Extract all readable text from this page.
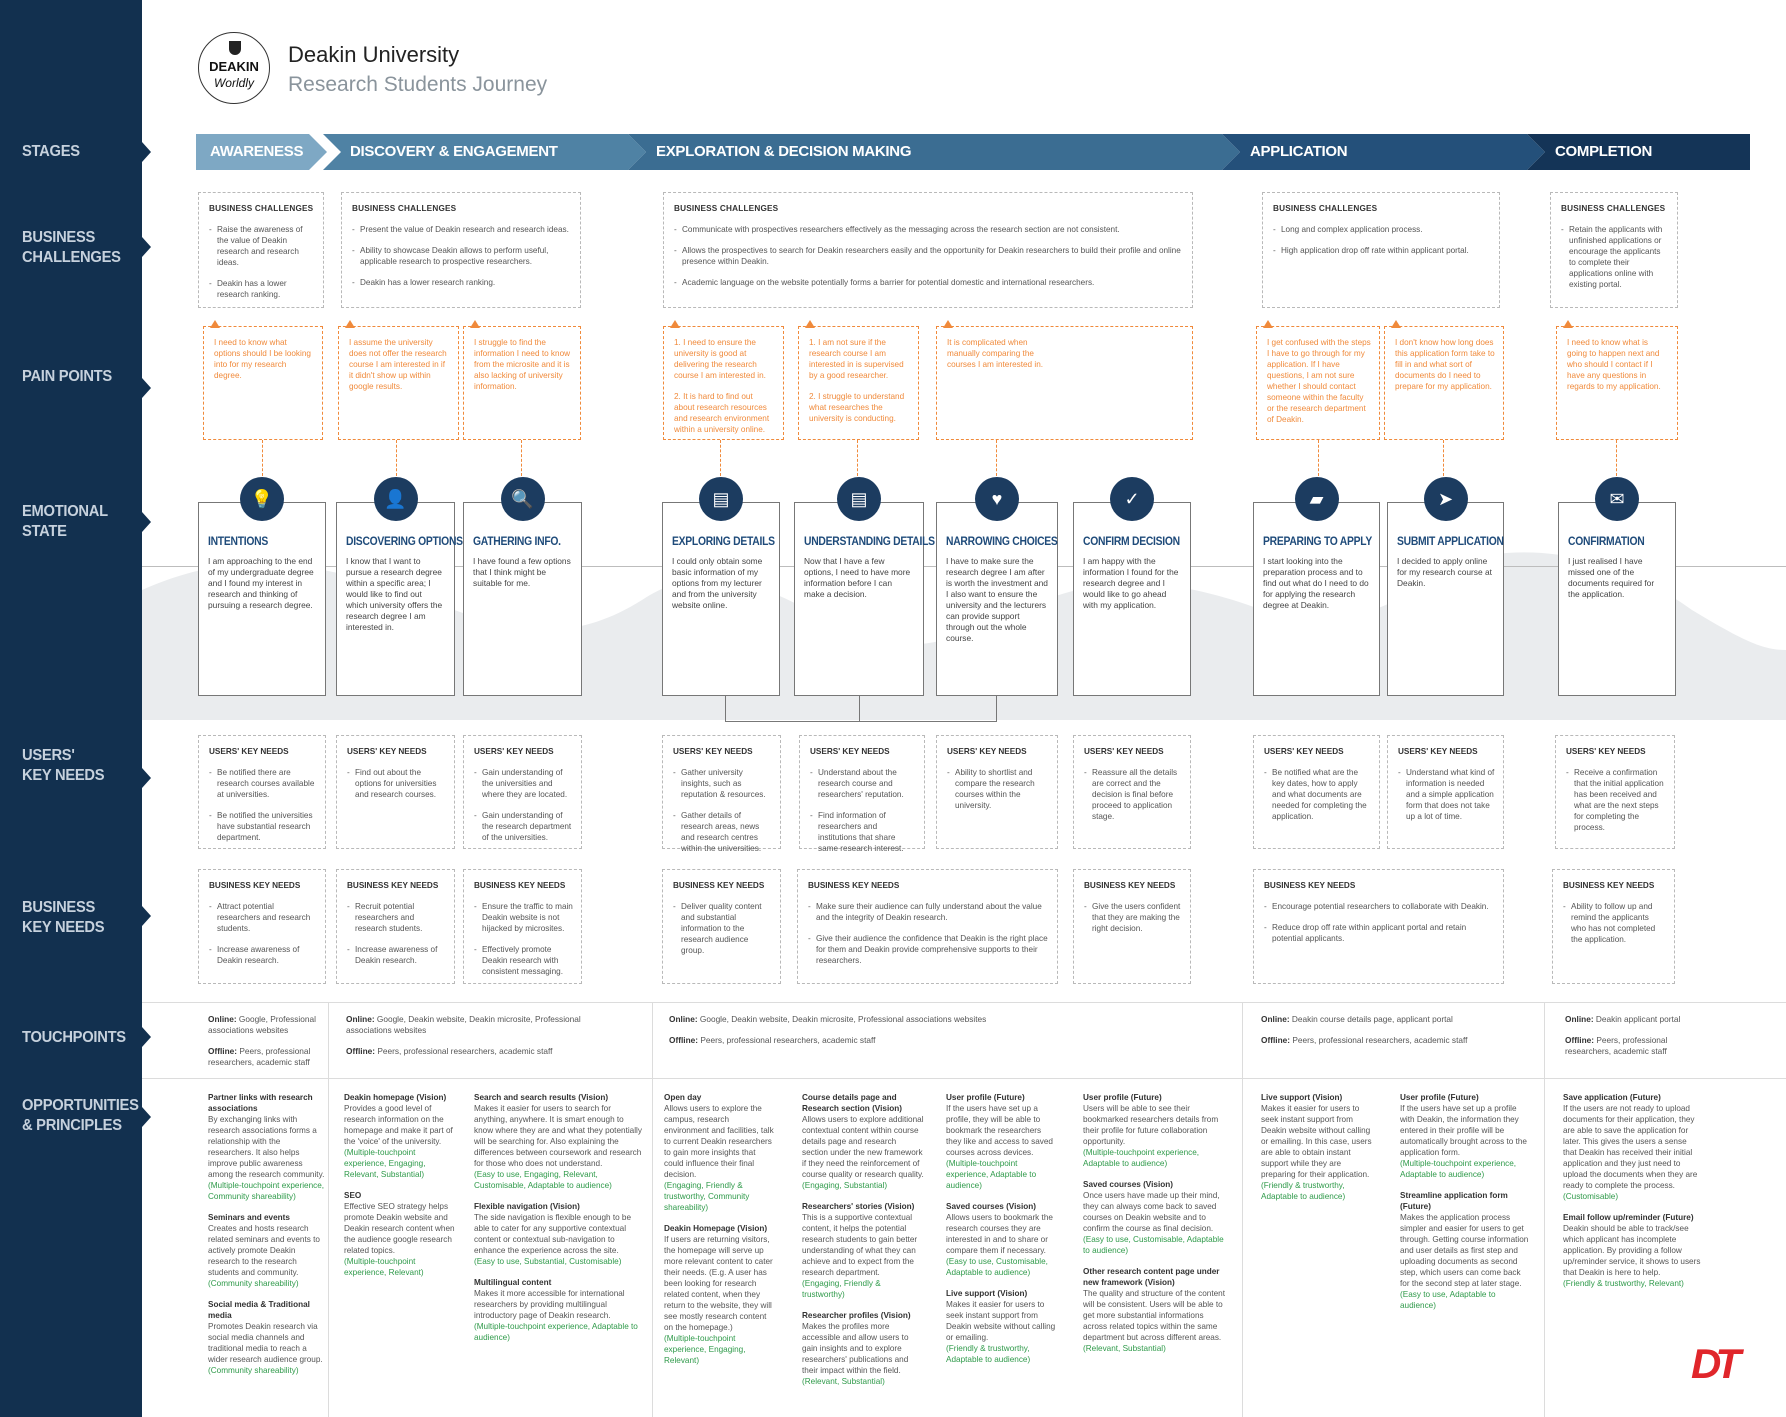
DEAKIN
Worldly
Deakin University
Research Students Journey
STAGES
BUSINESS
CHALLENGES
PAIN POINTS
EMOTIONAL
STATE
USERS'
KEY NEEDS
BUSINESS
KEY NEEDS
TOUCHPOINTS
OPPORTUNITIES
& PRINCIPLES
AWARENESS	DISCOVERY & ENGAGEMENT	EXPLORATION & DECISION MAKING	APPLICATION	COMPLETION
BUSINESS CHALLENGES
- Raise the awareness of the value of Deakin research and research ideas.
- Deakin has a lower research ranking.
BUSINESS CHALLENGES
- Present the value of Deakin research and research ideas.
- Ability to showcase Deakin allows to perform useful, applicable research to prospective researchers.
- Deakin has a lower research ranking.
BUSINESS CHALLENGES
- Communicate with prospectives researchers effectively as the messaging across the research section are not consistent.
- Allows the prospectives to search for Deakin researchers easily and the opportunity for Deakin researchers to build their profile and online presence within Deakin.
- Academic language on the website potentially forms a barrier for potential domestic and international researchers.
BUSINESS CHALLENGES
- Long and complex application process.
- High application drop off rate within applicant portal.
BUSINESS CHALLENGES
- Retain the applicants with unfinished applications or encourage the applicants to complete their applications online with existing portal.

I need to know what options should I be looking into for my research degree.

I assume the university does not offer the research course I am interested in if it didn't show up within google results.

I struggle to find the information I need to know from the microsite and it is also lacking of university information.

1. I need to ensure the university is good at delivering the research course I am interested in.

2. It is hard to find out about research resources and research environment within a university online.

1. I am not sure if the research course I am interested in is supervised by a good researcher.

2. I struggle to understand what researches the university is conducting.

It is complicated when manually comparing the courses I am interested in.

I get confused with the steps I have to go through for my application. If I have questions, I am not sure whether I should contact someone within the faculty or the research department of Deakin.

I don't know how long does this application form take to fill in and what sort of documents do I need to prepare for my application.

I need to know what is going to happen next and who should I contact if I have any questions in regards to my application.

💡
INTENTIONS
I am approaching to the end of my undergraduate degree and I found my interest in research and thinking of pursuing a research degree.
👤
DISCOVERING OPTIONS
I know that I want to pursue a research degree within a specific area; I would like to find out which university offers the research degree I am interested in.
🔍
GATHERING INFO.
I have found a few options that I think might be suitable for me.
▤
EXPLORING DETAILS
I could only obtain some basic information of my options from my lecturer and from the university website online.
▤
UNDERSTANDING DETAILS
Now that I have a few options, I need to have more information before I can make a decision.
♥
NARROWING CHOICES
I have to make sure the research degree I am after is worth the investment and I also want to ensure the university and the lecturers can provide support through out the whole course.
✓
CONFIRM DECISION
I am happy with the information I found for the research degree and I would like to go ahead with my application.
▰
PREPARING TO APPLY
I start looking into the preparation process and to find out what do I need to do for applying the research degree at Deakin.
➤
SUBMIT APPLICATION
I decided to apply online for my research course at Deakin.
✉
CONFIRMATION
I just realised I have missed one of the documents required for the application.
USERS' KEY NEEDS
- Be notified there are research courses available at universities.
- Be notified the universities have substantial research department.
USERS' KEY NEEDS
- Find out about the options for universities and research courses.
USERS' KEY NEEDS
- Gain understanding of the universities and where they are located.
- Gain understanding of the research department of the universities.
USERS' KEY NEEDS
- Gather university insights, such as reputation & resources.
- Gather details of research areas, news and research centres within the universities.
USERS' KEY NEEDS
- Understand about the research course and researchers' reputation.
- Find information of researchers and institutions that share same research interest.
USERS' KEY NEEDS
- Ability to shortlist and compare the research courses within the university.
USERS' KEY NEEDS
- Reassure all the details are correct and the decision is final before proceed to application stage.
USERS' KEY NEEDS
- Be notified what are the key dates, how to apply and what documents are needed for completing the application.
USERS' KEY NEEDS
- Understand what kind of information is needed and a simple application form that does not take up a lot of time.
USERS' KEY NEEDS
- Receive a confirmation that the initial application has been received and what are the next steps for completing the process.
BUSINESS KEY NEEDS
- Attract potential researchers and research students.
- Increase awareness of Deakin research.
BUSINESS KEY NEEDS
- Recruit potential researchers and research students.
- Increase awareness of Deakin research.
BUSINESS KEY NEEDS
- Ensure the traffic to main Deakin website is not hijacked by microsites.
- Effectively promote Deakin research with consistent messaging.
BUSINESS KEY NEEDS
- Deliver quality content and substantial information to the research audience group.
BUSINESS KEY NEEDS
- Make sure their audience can fully understand about the value and the integrity of Deakin research.
- Give their audience the confidence that Deakin is the right place for them and Deakin provide comprehensive supports to their researchers.
BUSINESS KEY NEEDS
- Give the users confident that they are making the right decision.
BUSINESS KEY NEEDS
- Encourage potential researchers to collaborate with Deakin.
- Reduce drop off rate within applicant portal and retain potential applicants.
BUSINESS KEY NEEDS
- Ability to follow up and remind the applicants who has not completed the application.

Online: Google, Professional associations websites

Offline: Peers, professional researchers, academic staff

Online: Google, Deakin website, Deakin microsite, Professional associations websites

Offline: Peers, professional researchers, academic staff

Online: Google, Deakin website, Deakin microsite, Professional associations websites

Offline: Peers, professional researchers, academic staff

Online: Deakin course details page, applicant portal

Offline: Peers, professional researchers, academic staff

Online: Deakin applicant portal

Offline: Peers, professional researchers, academic staff

Partner links with research associations
By exchanging links with research associations forms a relationship with the researchers. It also helps improve public awareness among the research community.
(Multiple-touchpoint experience, Community shareability)
Seminars and events
Creates and hosts research related seminars and events to actively promote Deakin research to the research students and community.
(Community shareability)
Social media & Traditional media
Promotes Deakin research via social media channels and traditional media to reach a wider research audience group.
(Community shareability)
Deakin homepage (Vision)
Provides a good level of research information on the homepage and make it part of the 'voice' of the university.
(Multiple-touchpoint experience, Engaging, Relevant, Substantial)
SEO
Effective SEO strategy helps promote Deakin website and Deakin research content when the audience google research related topics.
(Multiple-touchpoint experience, Relevant)
Search and search results (Vision)
Makes it easier for users to search for anything, anywhere. It is smart enough to know where they are and what they potentially will be searching for. Also explaining the differences between coursework and research for those who does not understand.
(Easy to use, Engaging, Relevant, Customisable, Adaptable to audience)
Flexible navigation (Vision)
The side navigation is flexible enough to be able to cater for any supportive contextual content or contextual sub-navigation to enhance the experience across the site.
(Easy to use, Substantial, Customisable)
Multilingual content
Makes it more accessible for international researchers by providing multilingual introductory page of Deakin research.
(Multiple-touchpoint experience, Adaptable to audience)
Open day
Allows users to explore the campus, research environment and facilities, talk to current Deakin researchers to gain more insights that could influence their final decision.
(Engaging, Friendly & trustworthy, Community shareability)
Deakin Homepage (Vision)
If users are returning visitors, the homepage will serve up more relevant content to cater their needs. (E.g. A user has been looking for research related content, when they return to the website, they will see mostly research content on the homepage.)
(Multiple-touchpoint experience, Engaging, Relevant)
Course details page and Research section (Vision)
Allows users to explore additional contextual content within course details page and research section under the new framework if they need the reinforcement of course quality or research quality.
(Engaging, Substantial)
Researchers' stories (Vision)
This is a supportive contextual content, it helps the potential research students to gain better understanding of what they can achieve and to expect from the research department.
(Engaging, Friendly & trustworthy)
Researcher profiles (Vision)
Makes the profiles more accessible and allow users to gain insights and to explore researchers' publications and their impact within the field.
(Relevant, Substantial)
User profile (Future)
If the users have set up a profile, they will be able to bookmark the researchers they like and access to saved courses across devices.
(Multiple-touchpoint experience, Adaptable to audience)
Saved courses (Vision)
Allows users to bookmark the research courses they are interested in and to share or compare them if necessary.
(Easy to use, Customisable, Adaptable to audience)
Live support (Vision)
Makes it easier for users to seek instant support from Deakin website without calling or emailing.
(Friendly & trustworthy, Adaptable to audience)
User profile (Future)
Users will be able to see their bookmarked researchers details from their profile for future collaboration opportunity.
(Multiple-touchpoint experience, Adaptable to audience)
Saved courses (Vision)
Once users have made up their mind, they can always come back to saved courses on Deakin website and to confirm the course as final decision.
(Easy to use, Customisable, Adaptable to audience)
Other research content page under new framework (Vision)
The quality and structure of the content will be consistent. Users will be able to get more substantial informations across related topics within the same department but across different areas.
(Relevant, Substantial)
Live support (Vision)
Makes it easier for users to seek instant support from Deakin website without calling or emailing. In this case, users are able to obtain instant support while they are preparing for their application.
(Friendly & trustworthy, Adaptable to audience)
User profile (Future)
If the users have set up a profile with Deakin, the information they entered in their profile will be automatically brought across to the application form.
(Multiple-touchpoint experience, Adaptable to audience)
Streamline application form (Future)
Makes the application process simpler and easier for users to get through. Getting course information and user details as first step and uploading documents as second step, which users can come back for the second step at later stage.
(Easy to use, Adaptable to audience)
Save application (Future)
If the users are not ready to upload documents for their application, they are able to save the application for later. This gives the users a sense that Deakin has received their initial application and they just need to upload the documents when they are ready to complete the process.
(Customisable)
Email follow up/reminder (Future)
Deakin should be able to track/see which applicant has incomplete application. By providing a follow up/reminder service, it shows to users that Deakin is here to help.
(Friendly & trustworthy, Relevant)
DT
